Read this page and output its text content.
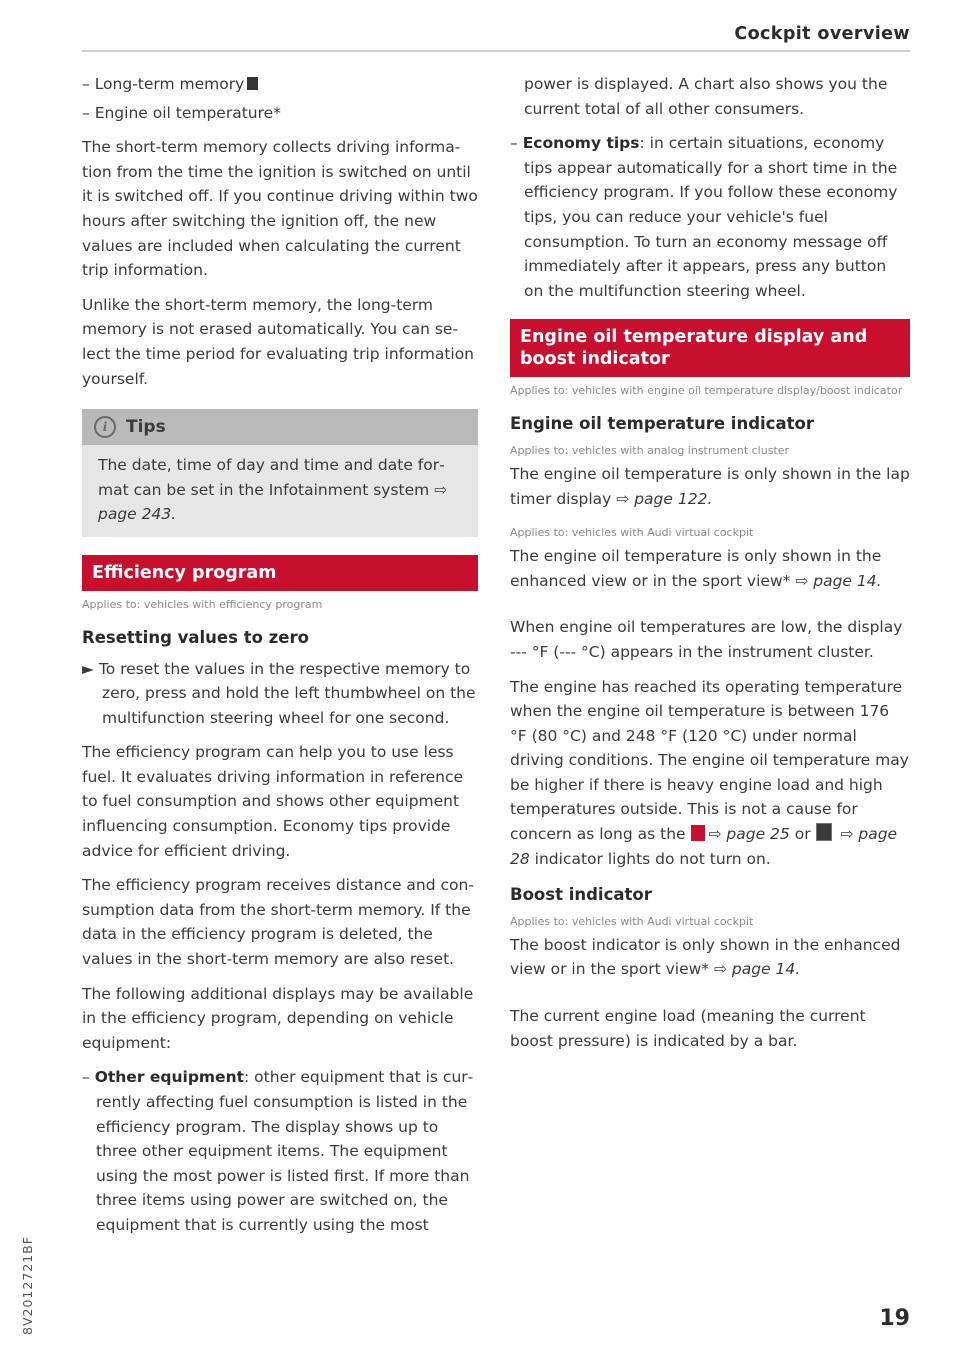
Cockpit overview

– Long-term memory

– Engine oil temperature*

The short-term memory collects driving information from the time the ignition is switched on until it is switched off. If you continue driving within two hours after switching the ignition off, the new values are included when calculating the current trip information.

Unlike the short-term memory, the long-term memory is not erased automatically. You can select the time period for evaluating trip information yourself.

i	Tips
The date, time of day and time and date format can be set in the Infotainment system ⇨ page 243.
Efficiency program
Applies to: vehicles with efficiency program
Resetting values to zero

► To reset the values in the respective memory to zero, press and hold the left thumbwheel on the multifunction steering wheel for one second.

The efficiency program can help you to use less fuel. It evaluates driving information in reference to fuel consumption and shows other equipment influencing consumption. Economy tips provide advice for efficient driving.

The efficiency program receives distance and consumption data from the short-term memory. If the data in the efficiency program is deleted, the values in the short-term memory are also reset.

The following additional displays may be available in the efficiency program, depending on vehicle equipment:

– Other equipment: other equipment that is currently affecting fuel consumption is listed in the efficiency program. The display shows up to three other equipment items. The equipment using the most power is listed first. If more than three items using power are switched on, the equipment that is currently using the most

power is displayed. A chart also shows you the current total of all other consumers.

– Economy tips: in certain situations, economy tips appear automatically for a short time in the efficiency program. If you follow these economy tips, you can reduce your vehicle's fuel consumption. To turn an economy message off immediately after it appears, press any button on the multifunction steering wheel.

Engine oil temperature display and boost indicator
Applies to: vehicles with engine oil temperature display/boost indicator
Engine oil temperature indicator
Applies to: vehicles with analog instrument cluster

The engine oil temperature is only shown in the lap timer display ⇨ page 122.

Applies to: vehicles with Audi virtual cockpit

The engine oil temperature is only shown in the enhanced view or in the sport view* ⇨ page 14.

When engine oil temperatures are low, the display --- °F (--- °C) appears in the instrument cluster.

The engine has reached its operating temperature when the engine oil temperature is between 176 °F (80 °C) and 248 °F (120 °C) under normal driving conditions. The engine oil temperature may be higher if there is heavy engine load and high temperatures outside. This is not a cause for concern as long as the ⇨ page 25 or ⇨ page 28 indicator lights do not turn on.

Boost indicator
Applies to: vehicles with Audi virtual cockpit

The boost indicator is only shown in the enhanced view or in the sport view* ⇨ page 14.

The current engine load (meaning the current boost pressure) is indicated by a bar.

8V2012721BF	19
